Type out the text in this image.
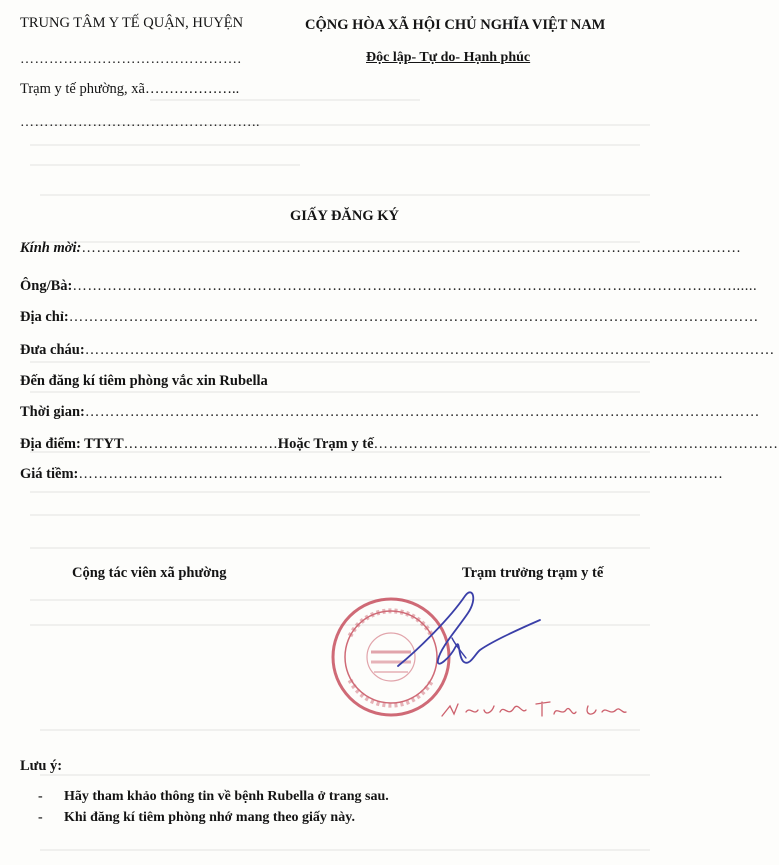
TRUNG TÂM Y TẾ QUẬN, HUYỆN
……………………………………….
Trạm y tế phường, xã………………..
…………………………………………..
CỘNG HÒA XÃ HỘI CHỦ NGHĨA VIỆT NAM
Độc lập- Tự do- Hạnh phúc
GIẤY ĐĂNG KÝ
Kính mời: ……………………………………………………………………………………………………………………
Ông/Bà: ……………………………………………………………………………………………………………………......
Địa chỉ: …………………………………………………………………………………………………………………………
Đưa cháu: …………………………………………………………………………………………………………………………
Đến đăng kí tiêm phòng vắc xin Rubella
Thời gian: ………………………………………………………………………………………………………………………
Địa điểm: TTYT …………………………. Hoặc Trạm y tế ………………………………………………………………………
Giá tiềm: …………………………………………………………………………………………………………………
Cộng tác viên xã phường	Trạm trưởng trạm y tế
Lưu ý:
- Hãy tham khảo thông tin về bệnh Rubella ở trang sau.
- Khi đăng kí tiêm phòng nhớ mang theo giấy này.
